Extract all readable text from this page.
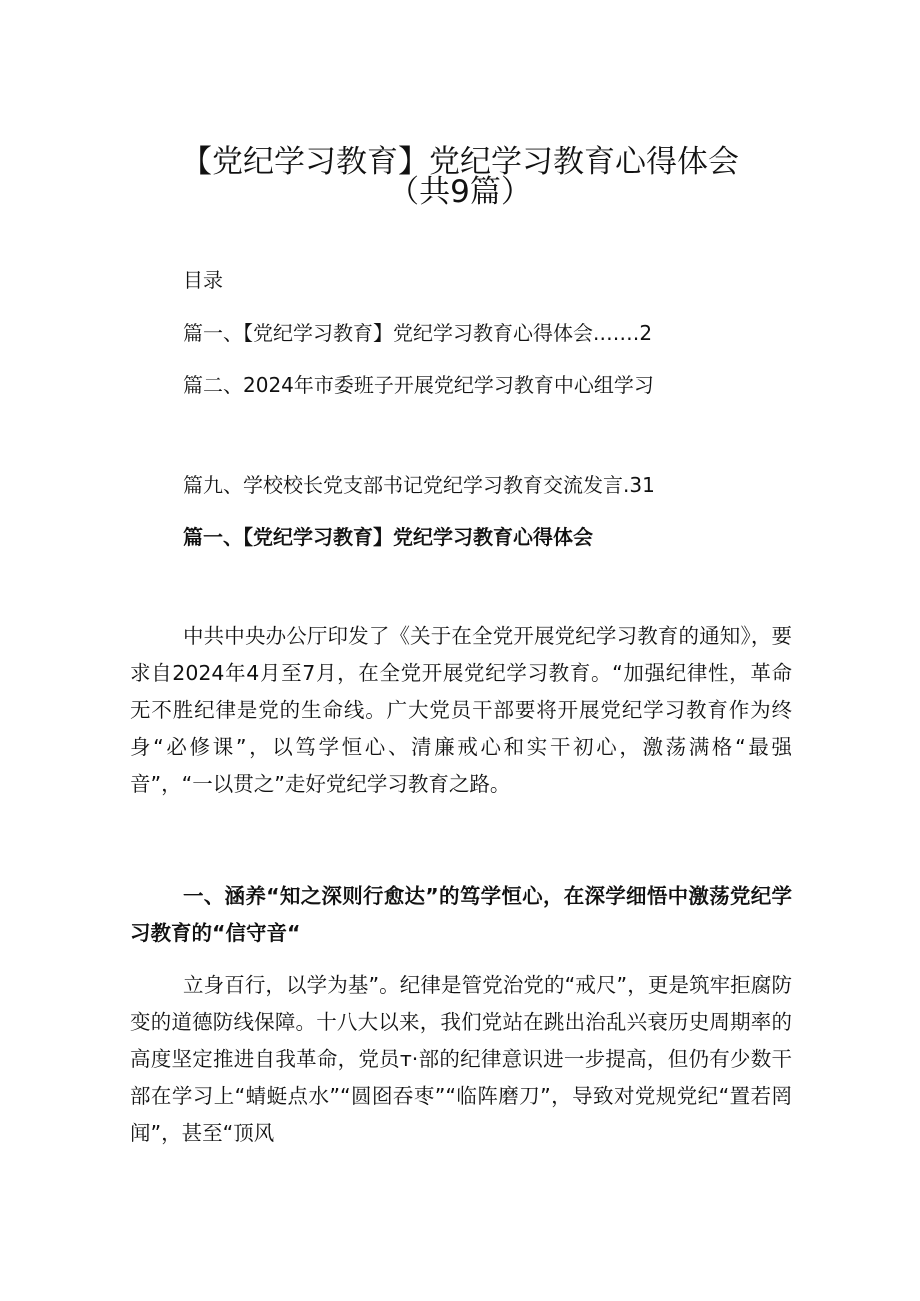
【党纪学习教育】党纪学习教育心得体会
（共9篇）
目录
篇一、【党纪学习教育】党纪学习教育心得体会.……2
篇二、2024年市委班子开展党纪学习教育中心组学习
篇九、学校校长党支部书记党纪学习教育交流发言.31
篇一、【党纪学习教育】党纪学习教育心得体会

中共中央办公厅印发了《关于在全党开展党纪学习教育的通知》，要求自2024年4月至7月，在全党开展党纪学习教育。“加强纪律性，革命无不胜纪律是党的生命线。广大党员干部要将开展党纪学习教育作为终身“必修课”，以笃学恒心、清廉戒心和实干初心，激荡满格“最强音”，“一以贯之”走好党纪学习教育之路。

一、涵养“知之深则行愈达”的笃学恒心，在深学细悟中激荡党纪学习教育的“信守音“

立身百行，以学为基”。纪律是管党治党的“戒尺”，更是筑牢拒腐防变的道德防线保障。十八大以来，我们党站在跳出治乱兴衰历史周期率的高度坚定推进自我革命，党员т·部的纪律意识进一步提高，但仍有少数干部在学习上“蜻蜓点水”“圆囵吞枣”“临阵磨刀”，导致对党规党纪“置若罔闻”，甚至“顶风
